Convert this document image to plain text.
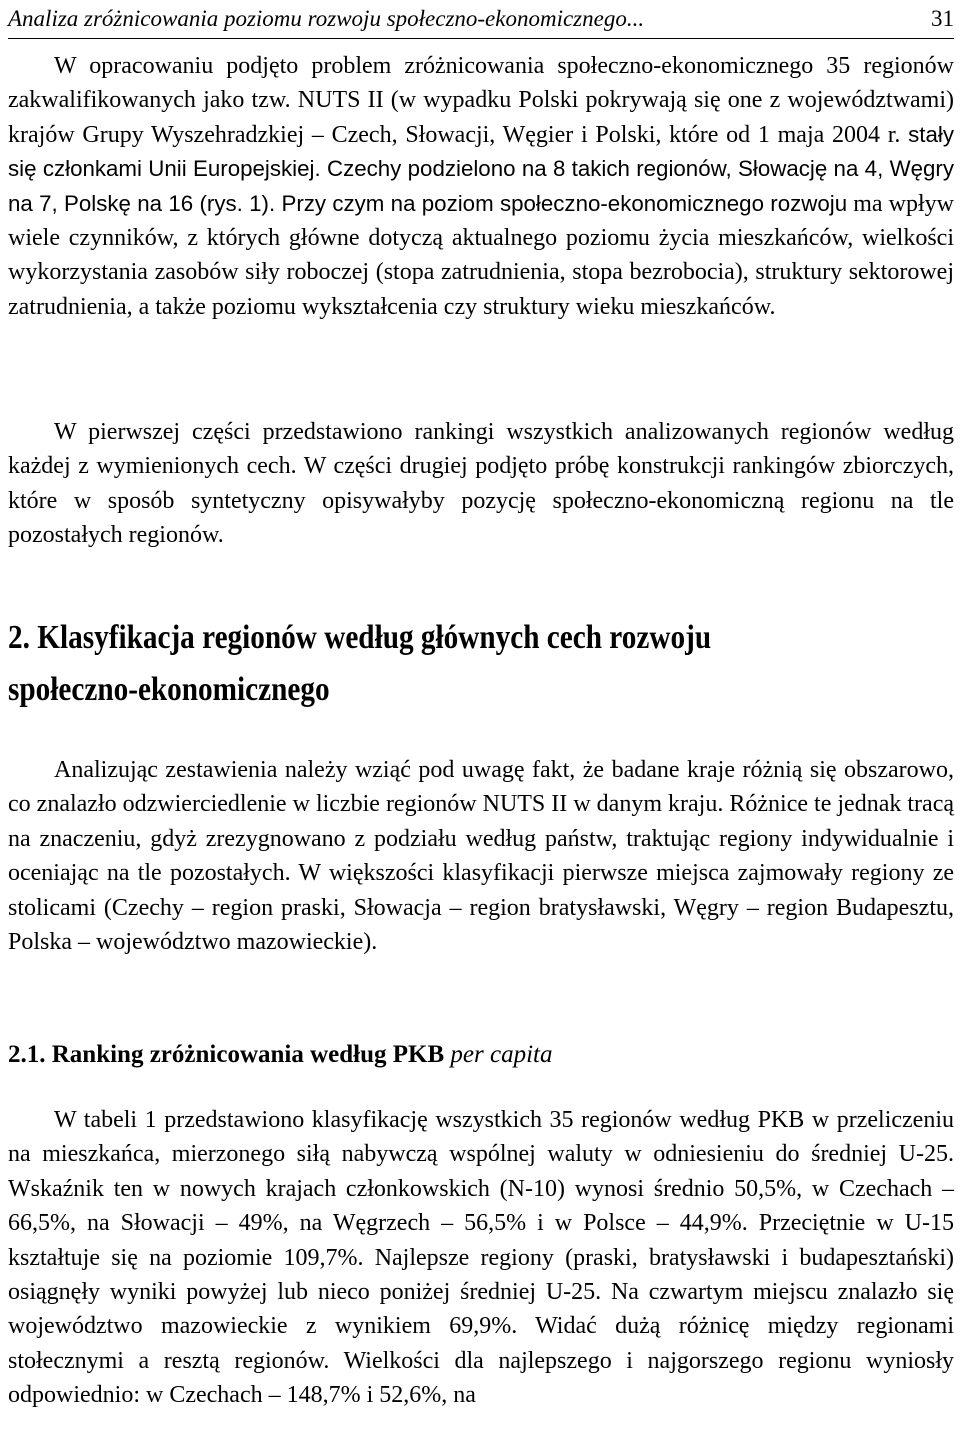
Analiza zróżnicowania poziomu rozwoju społeczno-ekonomicznego...	31

W opracowaniu podjęto problem zróżnicowania społeczno-ekonomicznego 35 regionów zakwalifikowanych jako tzw. NUTS II (w wypadku Polski pokrywają się one z województwami) krajów Grupy Wyszehradzkiej – Czech, Słowacji, Węgier i Polski, które od 1 maja 2004 r. stały się członkami Unii Europejskiej. Czechy podzielono na 8 takich regionów, Słowację na 4, Węgry na 7, Polskę na 16 (rys. 1). Przy czym na poziom społeczno-ekonomicznego rozwoju ma wpływ wiele czynników, z których główne dotyczą aktualnego poziomu życia mieszkańców, wielkości wykorzystania zasobów siły roboczej (stopa zatrudnienia, stopa bezrobocia), struktury sektorowej zatrudnienia, a także poziomu wykształcenia czy struktury wieku mieszkańców.

W pierwszej części przedstawiono rankingi wszystkich analizowanych regionów według każdej z wymienionych cech. W części drugiej podjęto próbę konstrukcji rankingów zbiorczych, które w sposób syntetyczny opisywałyby pozycję społeczno-ekonomiczną regionu na tle pozostałych regionów.

2. Klasyfikacja regionów według głównych cech rozwoju
społeczno-ekonomicznego

Analizując zestawienia należy wziąć pod uwagę fakt, że badane kraje różnią się obszarowo, co znalazło odzwierciedlenie w liczbie regionów NUTS II w danym kraju. Różnice te jednak tracą na znaczeniu, gdyż zrezygnowano z podziału według państw, traktując regiony indywidualnie i oceniając na tle pozostałych. W większości klasyfikacji pierwsze miejsca zajmowały regiony ze stolicami (Czechy – region praski, Słowacja – region bratysławski, Węgry – region Budapesztu, Polska – województwo mazowieckie).

2.1. Ranking zróżnicowania według PKB per capita

W tabeli 1 przedstawiono klasyfikację wszystkich 35 regionów według PKB w przeliczeniu na mieszkańca, mierzonego siłą nabywczą wspólnej waluty w odniesieniu do średniej U-25. Wskaźnik ten w nowych krajach członkowskich (N-10) wynosi średnio 50,5%, w Czechach – 66,5%, na Słowacji – 49%, na Węgrzech – 56,5% i w Polsce – 44,9%. Przeciętnie w U-15 kształtuje się na poziomie 109,7%. Najlepsze regiony (praski, bratysławski i budapesztański) osiągnęły wyniki powyżej lub nieco poniżej średniej U-25. Na czwartym miejscu znalazło się województwo mazowieckie z wynikiem 69,9%. Widać dużą różnicę między regionami stołecznymi a resztą regionów. Wielkości dla najlepszego i najgorszego regionu wyniosły odpowiednio: w Czechach – 148,7% i 52,6%, na
